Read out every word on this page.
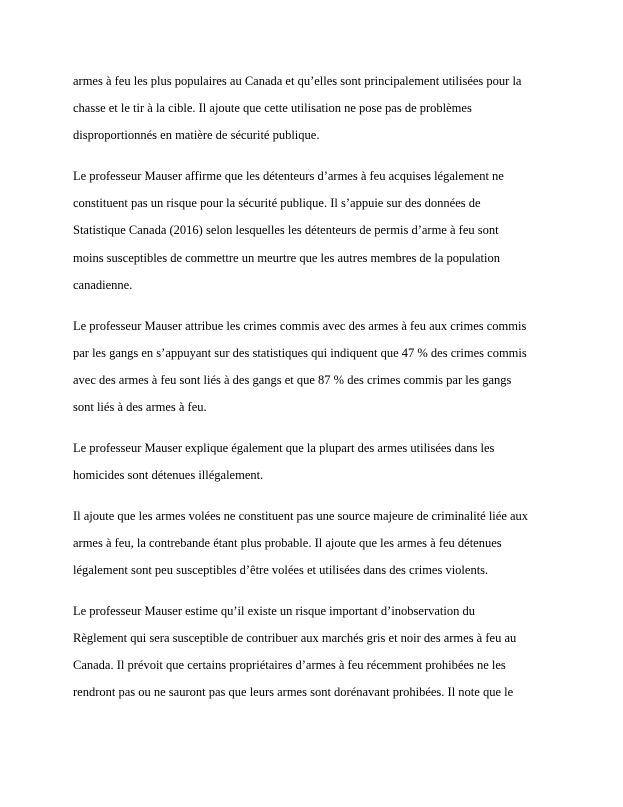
armes à feu les plus populaires au Canada et qu’elles sont principalement utilisées pour la
chasse et le tir à la cible. Il ajoute que cette utilisation ne pose pas de problèmes
disproportionnés en matière de sécurité publique.
Le professeur Mauser affirme que les détenteurs d’armes à feu acquises légalement ne
constituent pas un risque pour la sécurité publique. Il s’appuie sur des données de
Statistique Canada (2016) selon lesquelles les détenteurs de permis d’arme à feu sont
moins susceptibles de commettre un meurtre que les autres membres de la population
canadienne.
Le professeur Mauser attribue les crimes commis avec des armes à feu aux crimes commis
par les gangs en s’appuyant sur des statistiques qui indiquent que 47 % des crimes commis
avec des armes à feu sont liés à des gangs et que 87 % des crimes commis par les gangs
sont liés à des armes à feu.
Le professeur Mauser explique également que la plupart des armes utilisées dans les
homicides sont détenues illégalement.
Il ajoute que les armes volées ne constituent pas une source majeure de criminalité liée aux
armes à feu, la contrebande étant plus probable. Il ajoute que les armes à feu détenues
légalement sont peu susceptibles d’être volées et utilisées dans des crimes violents.
Le professeur Mauser estime qu’il existe un risque important d’inobservation du
Règlement qui sera susceptible de contribuer aux marchés gris et noir des armes à feu au
Canada. Il prévoit que certains propriétaires d’armes à feu récemment prohibées ne les
rendront pas ou ne sauront pas que leurs armes sont dorénavant prohibées. Il note que le
